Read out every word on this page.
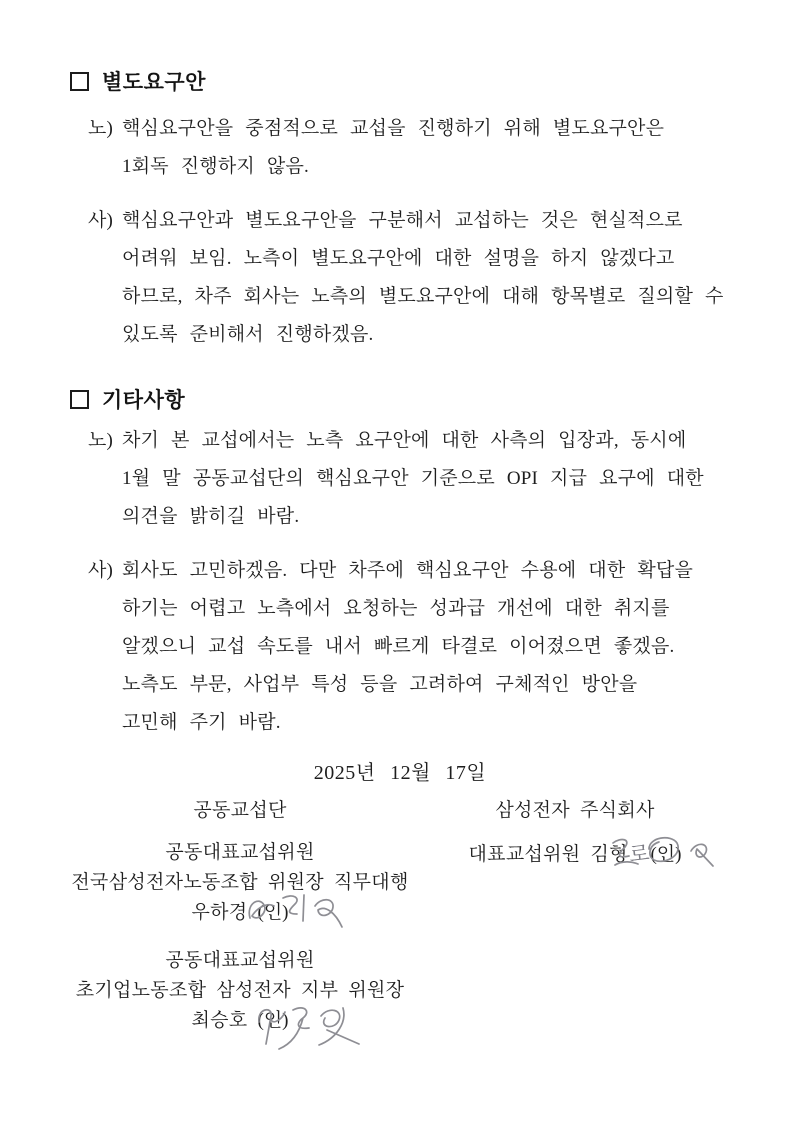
별도요구안
노) 핵심요구안을 중점적으로 교섭을 진행하기 위해 별도요구안은
1회독 진행하지 않음.
사) 핵심요구안과 별도요구안을 구분해서 교섭하는 것은 현실적으로
어려워 보임. 노측이 별도요구안에 대한 설명을 하지 않겠다고
하므로, 차주 회사는 노측의 별도요구안에 대해 항목별로 질의할 수
있도록 준비해서 진행하겠음.
기타사항
노) 차기 본 교섭에서는 노측 요구안에 대한 사측의 입장과, 동시에
1월 말 공동교섭단의 핵심요구안 기준으로 OPI 지급 요구에 대한
의견을 밝히길 바람.
사) 회사도 고민하겠음. 다만 차주에 핵심요구안 수용에 대한 확답을
하기는 어렵고 노측에서 요청하는 성과급 개선에 대한 취지를
알겠으니 교섭 속도를 내서 빠르게 타결로 이어졌으면 좋겠음.
노측도 부문, 사업부 특성 등을 고려하여 구체적인 방안을
고민해 주기 바람.
2025년 12월 17일
공동교섭단
공동대표교섭위원
전국삼성전자노동조합 위원장 직무대행
우하경 (인)
공동대표교섭위원
초기업노동조합 삼성전자 지부 위원장
최승호 (인)
삼성전자 주식회사
대표교섭위원 김형로(인)
